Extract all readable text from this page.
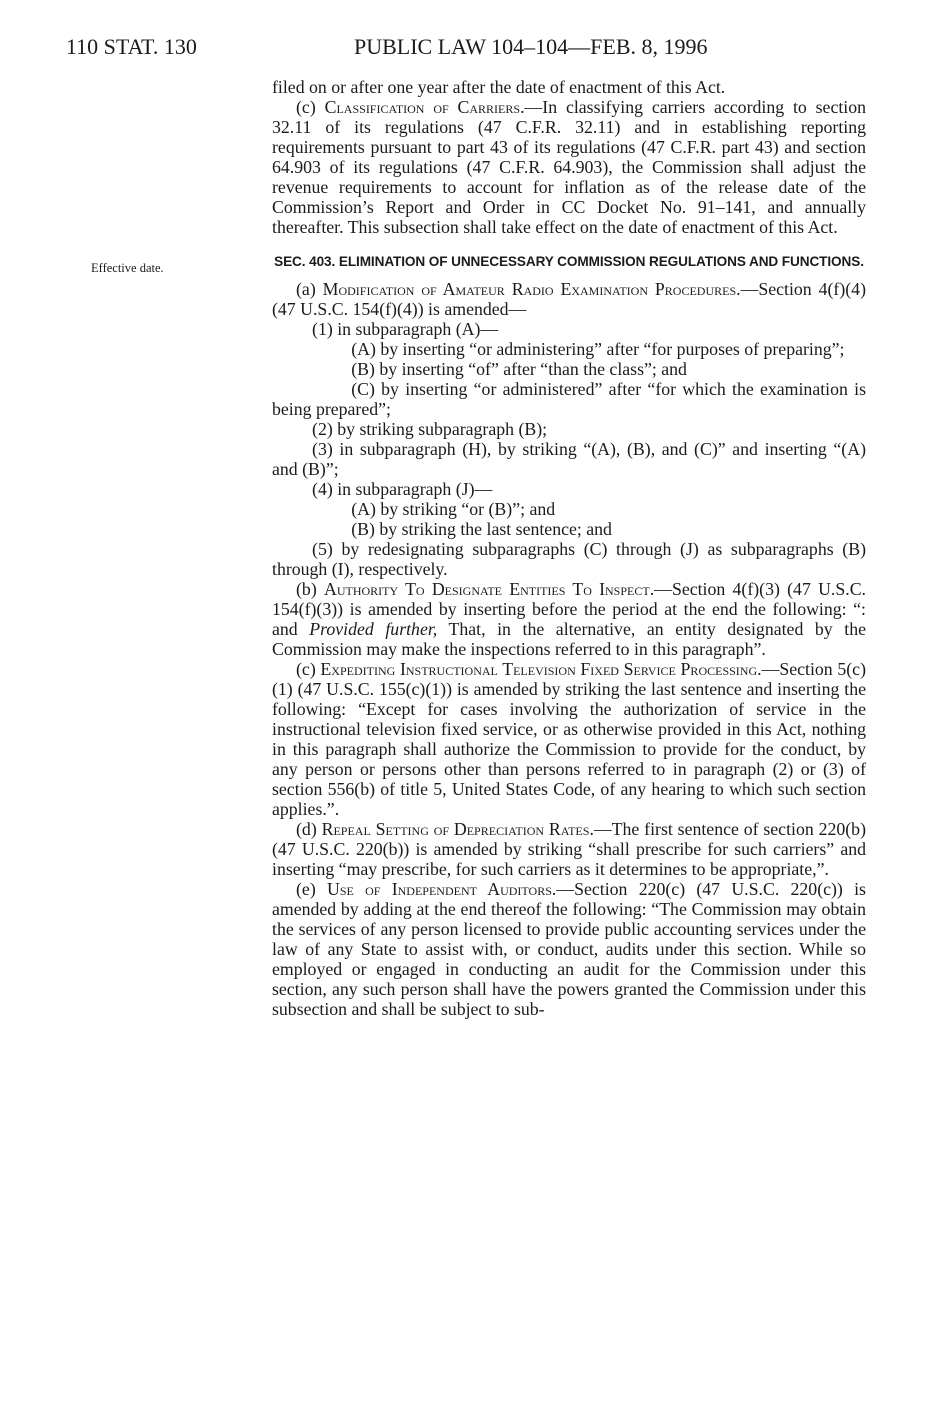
110 STAT. 130	PUBLIC LAW 104–104—FEB. 8, 1996
Effective date.

filed on or after one year after the date of enactment of this Act.

(c) Classification of Carriers.—In classifying carriers according to section 32.11 of its regulations (47 C.F.R. 32.11) and in establishing reporting requirements pursuant to part 43 of its regulations (47 C.F.R. part 43) and section 64.903 of its regulations (47 C.F.R. 64.903), the Commission shall adjust the revenue requirements to account for inflation as of the release date of the Commission’s Report and Order in CC Docket No. 91–141, and annually thereafter. This subsection shall take effect on the date of enactment of this Act.

SEC. 403. ELIMINATION OF UNNECESSARY COMMISSION REGULATIONS AND FUNCTIONS.

(a) Modification of Amateur Radio Examination Procedures.—Section 4(f)(4) (47 U.S.C. 154(f)(4)) is amended—

(1) in subparagraph (A)—

(A) by inserting “or administering” after “for purposes of preparing”;

(B) by inserting “of” after “than the class”; and

(C) by inserting “or administered” after “for which the examination is being prepared”;

(2) by striking subparagraph (B);

(3) in subparagraph (H), by striking “(A), (B), and (C)” and inserting “(A) and (B)”;

(4) in subparagraph (J)—

(A) by striking “or (B)”; and

(B) by striking the last sentence; and

(5) by redesignating subparagraphs (C) through (J) as subparagraphs (B) through (I), respectively.

(b) Authority To Designate Entities To Inspect.—Section 4(f)(3) (47 U.S.C. 154(f)(3)) is amended by inserting before the period at the end the following: “: and Provided further, That, in the alternative, an entity designated by the Commission may make the inspections referred to in this paragraph”.

(c) Expediting Instructional Television Fixed Service Processing.—Section 5(c)(1) (47 U.S.C. 155(c)(1)) is amended by striking the last sentence and inserting the following: “Except for cases involving the authorization of service in the instructional television fixed service, or as otherwise provided in this Act, nothing in this paragraph shall authorize the Commission to provide for the conduct, by any person or persons other than persons referred to in paragraph (2) or (3) of section 556(b) of title 5, United States Code, of any hearing to which such section applies.”.

(d) Repeal Setting of Depreciation Rates.—The first sentence of section 220(b) (47 U.S.C. 220(b)) is amended by striking “shall prescribe for such carriers” and inserting “may prescribe, for such carriers as it determines to be appropriate,”.

(e) Use of Independent Auditors.—Section 220(c) (47 U.S.C. 220(c)) is amended by adding at the end thereof the following: “The Commission may obtain the services of any person licensed to provide public accounting services under the law of any State to assist with, or conduct, audits under this section. While so employed or engaged in conducting an audit for the Commission under this section, any such person shall have the powers granted the Commission under this subsection and shall be subject to sub-
